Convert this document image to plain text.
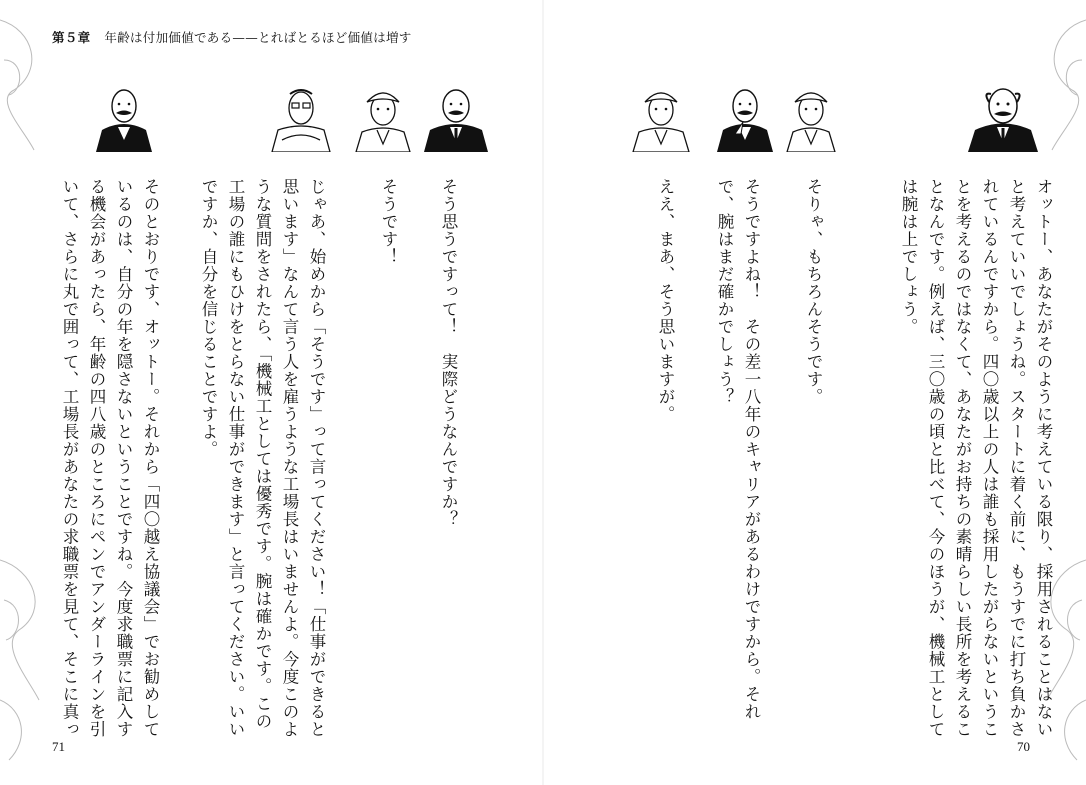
オットー、あなたがそのように考えている限り、採用されることはないと考えていいでしょうね。スタートに着く前に、もうすでに打ち負かされているんですから。四〇歳以上の人は誰も採用したがらないということを考えるのではなくて、あなたがお持ちの素晴らしい長所を考えることなんです。例えば、三〇歳の頃と比べて、今のほうが、機械工としては腕は上でしょう。
そりゃ、もちろんそうです。
そうですよね！　その差一八年のキャリアがあるわけですから。それで、腕はまだ確かでしょう？
ええ、まあ、そう思いますが。
70
第５章 年齢は付加価値である——とればとるほど価値は増す
そう思うですって！　実際どうなんですか？
そうです！
じゃあ、始めから「そうです」って言ってください！「仕事ができると思います」なんて言う人を雇うような工場長はいませんよ。今度このような質問をされたら、「機械工としては優秀です。腕は確かです。この工場の誰にもひけをとらない仕事ができます」と言ってください。いいですか、自分を信じることですよ。
そのとおりです、オットー。それから「四〇越え協議会」でお勧めしているのは、自分の年を隠さないということですね。今度求職票に記入する機会があったら、年齢の四八歳のところにペンでアンダーラインを引いて、さらに丸で囲って、工場長があなたの求職票を見て、そこに真っ
71
